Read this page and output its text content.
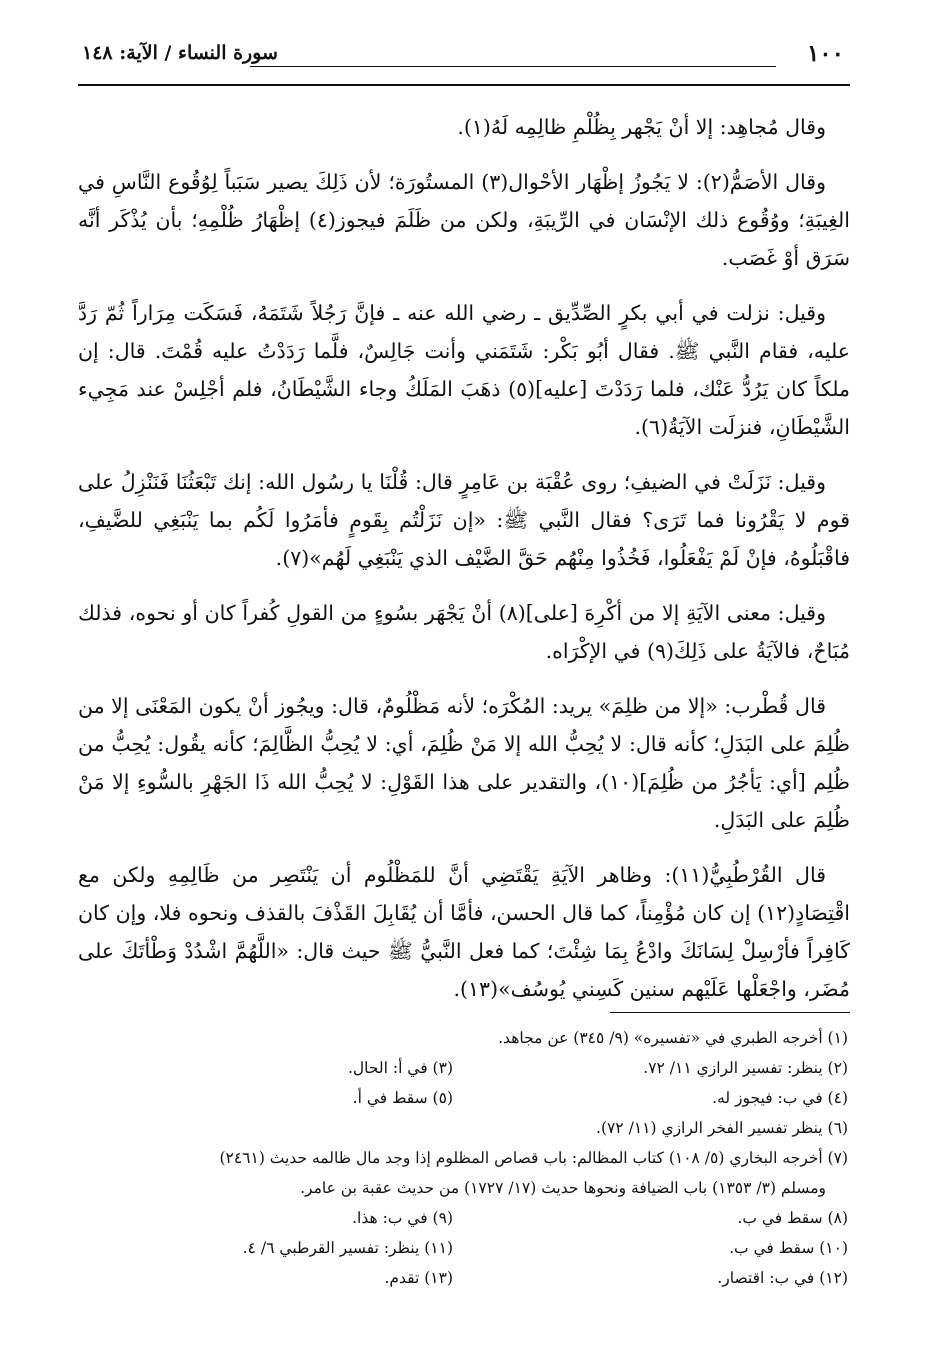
١٠٠
سورة النساء / الآية: ١٤٨

وقال مُجاهِد: إلا أنْ يَجْهر بِظُلْمِ ظالِمِه لَهُ(١).

وقال الأصَمُّ(٢): لا يَجُوزُ إظْهَار الأحْوال(٣) المستُورَة؛ لأن ذَلِكَ يصير سَبَباً لِوُقُوع النَّاسِ في الغِيبَةِ؛ ووُقُوع ذلك الإنْسَان في الرِّيبَةِ، ولكن من ظَلَمَ فيجوز(٤) إظْهَارُ ظُلْمِهِ؛ بأن يُذْكَر أنَّه سَرَق أوْ غَصَب.

وقيل: نزلت في أبي بكرٍ الصِّدِّيق ـ رضي الله عنه ـ فإنَّ رَجُلاً شَتَمَهُ، فَسَكَت مِرَاراً ثُمّ رَدَّ عليه، فقام النَّبي ﷺ. فقال أبُو بَكْر: شَتَمَني وأنت جَالِسٌ، فلَّما رَدَدْتُ عليه قُمْتَ. قال: إن ملكاً كان يَرُدُّ عَنْك، فلما رَدَدْتَ [عليه](٥) ذهَبَ المَلَكُ وجاء الشَّيْطَانُ، فلم أجْلِسْ عند مَجِيء الشَّيْطَانِ، فنزلَت الآيَةُ(٦).

وقيل: نَزَلَتْ في الضيفِ؛ روى عُقْبَة بن عَامِرٍ قال: قُلْنَا يا رسُول الله: إنك تَبْعَثُنَا فَنَنْزِلُ على قوم لا يَقْرُونا فما تَرَى؟ فقال النَّبي ﷺ: «إن نَزَلْتُم بِقَومٍ فأمَرُوا لَكُم بما يَنْبَغِي للضَّيفِ، فاقْبَلُوهُ، فإنْ لَمْ يَفْعَلُوا، فَخُذُوا مِنْهُم حَقَّ الضَّيْف الذي يَنْبَغِي لَهُم»(٧).

وقيل: معنى الآيَةِ إلا من أكْرِهَ [على](٨) أنْ يَجْهَر بسُوءٍ من القولِ كُفراً كان أو نحوه، فذلك مُبَاحٌ، فالآيَةُ على ذَلِكَ(٩) في الإكْرَاه.

قال قُطْرب: «إلا من ظلِمَ» يريد: المُكْرَه؛ لأنه مَظْلُومٌ، قال: ويجُوز أنْ يكون المَعْنَى إلا من ظُلِمَ على البَدَلِ؛ كأنه قال: لا يُحِبُّ الله إلا مَنْ ظُلِمَ، أي: لا يُحِبُّ الظَّالِمَ؛ كأنه يقُول: يُحِبُّ من ظُلِم [أي: يَأجُرُ من ظُلِمَ](١٠)، والتقدير على هذا القَوْلِ: لا يُحِبُّ الله ذَا الجَهْرِ بالسُّوءِ إلا مَنْ ظُلِمَ على البَدَلِ.

قال القُرْطُبِيُّ(١١): وظاهر الآيَةِ يَقْتَضِي أنَّ للمَظْلُوم أن يَنْتَصِر من ظَالِمِهِ ولكن مع اقْتِصَادٍ(١٢) إن كان مُؤْمِناً، كما قال الحسن، فأمَّا أن يُقَابِلَ القَذْفَ بالقذف ونحوه فلا، وإن كان كَافِراً فأرْسِلْ لِسَانَكَ وادْعُ بِمَا شِئْتَ؛ كما فعل النَّبيُّ ﷺ حيث قال: «اللَّهُمَّ اشْدُدْ وَطْأتَكَ على مُضَر، واجْعَلْها عَلَيْهم سنين كَسِني يُوسُف»(١٣).

(١) أخرجه الطبري في «تفسيره» (٩/ ٣٤٥) عن مجاهد.
(٢) ينظر: تفسير الرازي ١١/ ٧٢.
(٣) في أ: الحال.
(٤) في ب: فيجوز له.
(٥) سقط في أ.
(٦) ينظر تفسير الفخر الرازي (١١/ ٧٢).
(٧) أخرجه البخاري (٥/ ١٠٨) كتاب المظالم: باب قصاص المظلوم إذا وجد مال ظالمه حديث (٢٤٦١)
ومسلم (٣/ ١٣٥٣) باب الضيافة ونحوها حديث (١٧/ ١٧٢٧) من حديث عقبة بن عامر.
(٨) سقط في ب.
(٩) في ب: هذا.
(١٠) سقط في ب.
(١١) ينظر: تفسير القرطبي ٦/ ٤.
(١٢) في ب: اقتصار.
(١٣) تقدم.
